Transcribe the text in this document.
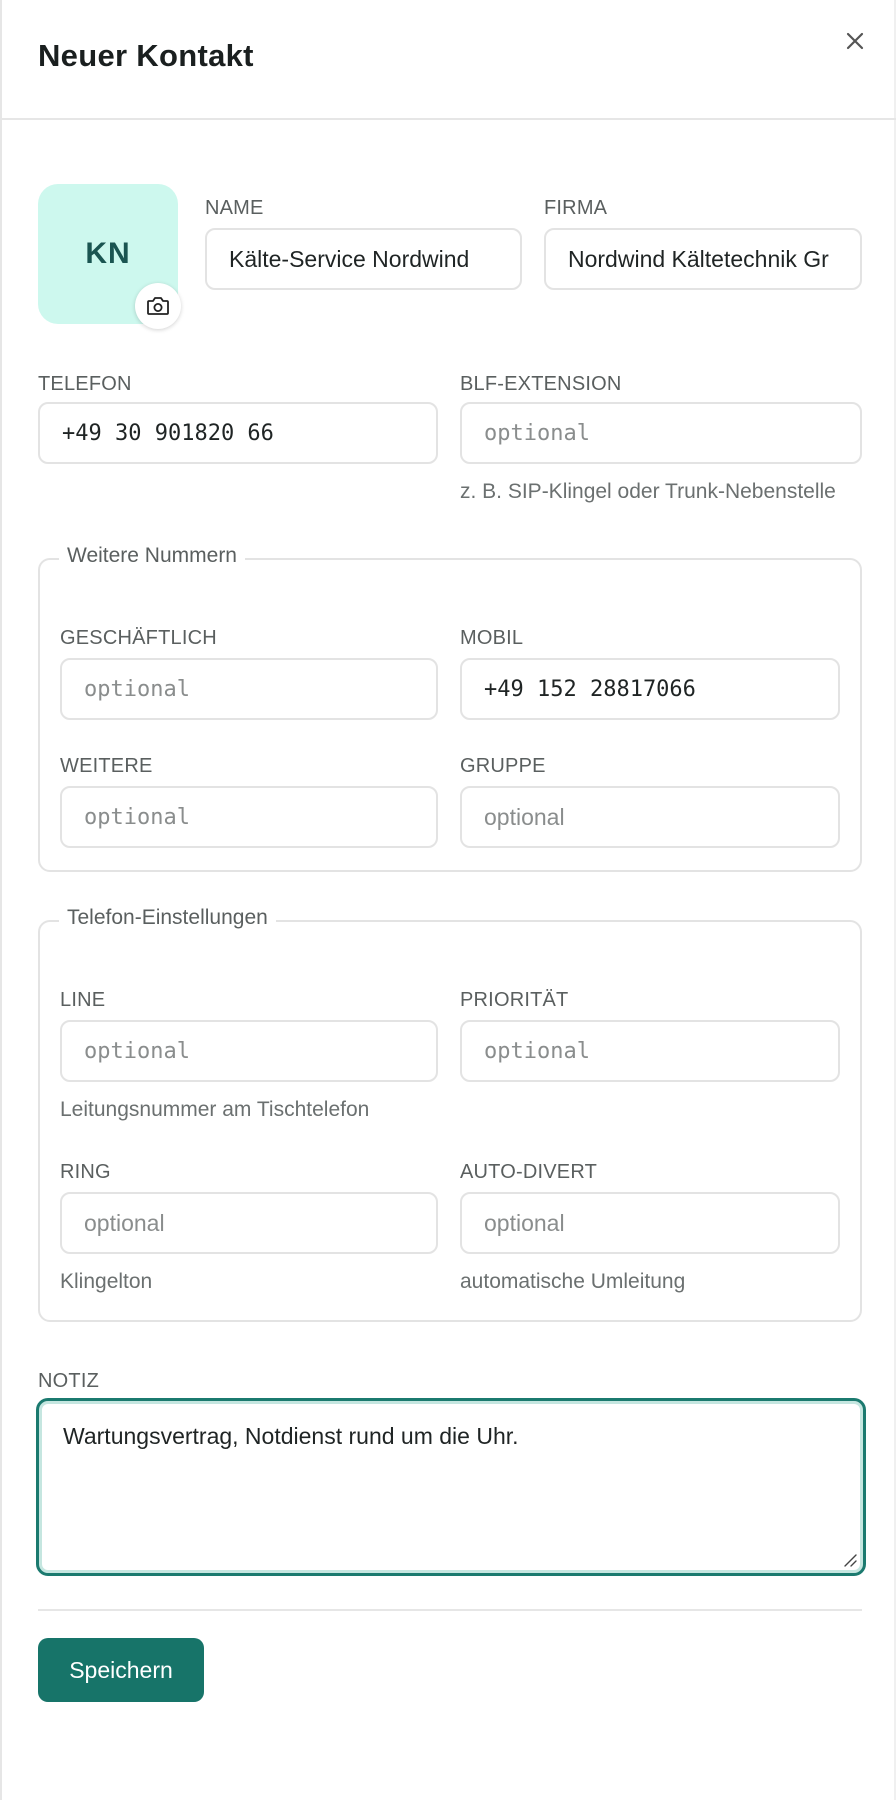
Neuer Kontakt
KN
NAME
Kälte-Service Nordwind
FIRMA
Nordwind Kältetechnik Gr
TELEFON
+49 30 901820 66
BLF-EXTENSION
optional
z. B. SIP-Klingel oder Trunk-Nebenstelle
Weitere Nummern
GESCHÄFTLICH
optional
MOBIL
+49 152 28817066
WEITERE
optional
GRUPPE
optional
Telefon-Einstellungen
LINE
optional
Leitungsnummer am Tischtelefon
PRIORITÄT
optional
RING
optional
Klingelton
AUTO-DIVERT
optional
automatische Umleitung
NOTIZ
Wartungsvertrag, Notdienst rund um die Uhr.
Speichern
